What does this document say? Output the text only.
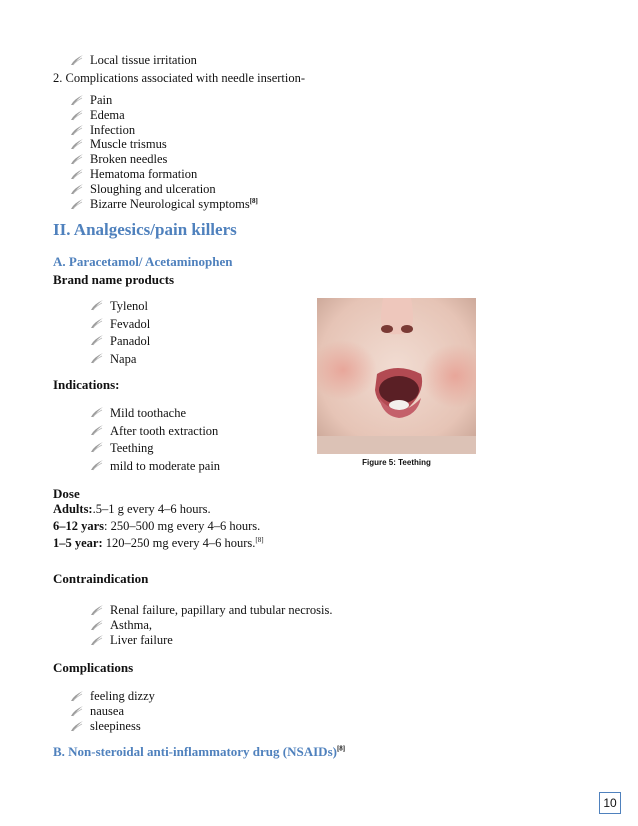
Local tissue irritation
2. Complications associated with needle insertion-
Pain
Edema
Infection
Muscle trismus
Broken needles
Hematoma formation
Sloughing and ulceration
Bizarre Neurological symptoms[8]
II. Analgesics/pain killers
A. Paracetamol/ Acetaminophen
Brand name products
Tylenol
Fevadol
Panadol
Napa
Indications:
Mild toothache
After tooth extraction
Teething
mild to moderate pain	Figure 5: Teething
Dose
Adults:.5–1 g every 4–6 hours.
6–12 yars: 250–500 mg every 4–6 hours.
1–5 year: 120–250 mg every 4–6 hours.[8]
Contraindication
Renal failure, papillary and tubular necrosis.
Asthma,
Liver failure
Complications
feeling dizzy
nausea
sleepiness
B. Non-steroidal anti-inflammatory drug (NSAIDs)[8]
10
